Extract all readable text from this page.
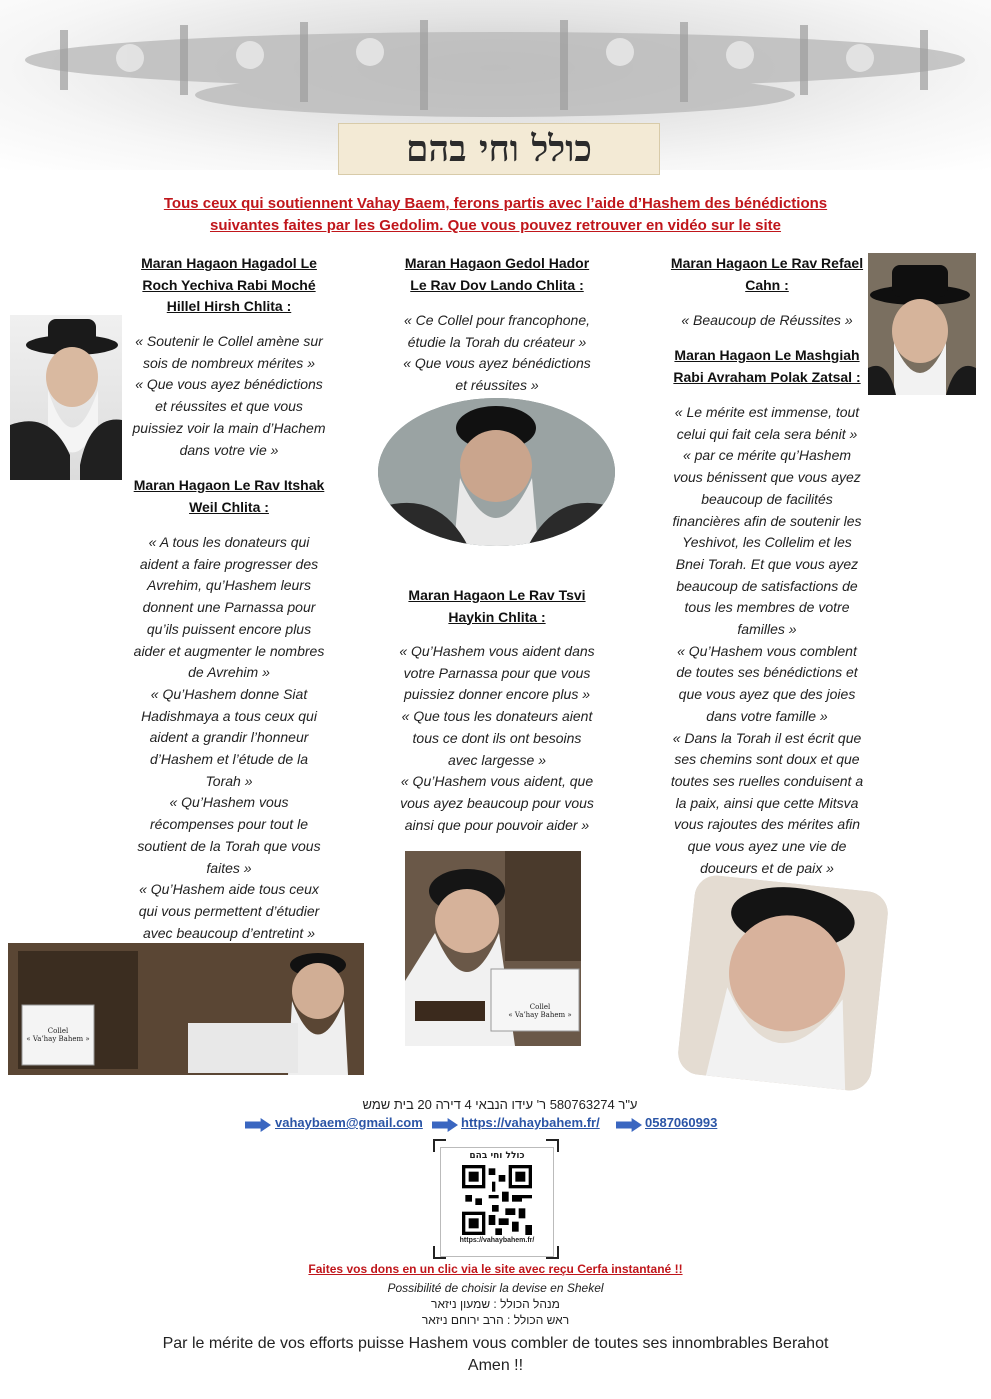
כולל וחי בהם
Tous ceux qui soutiennent Vahay Baem, ferons partis avec l’aide d’Hashem des bénédictions
suivantes faites par les Gedolim. Que vous pouvez retrouver en vidéo sur le site
Maran Hagaon Hagadol Le
Roch Yechiva Rabi Moché
Hillel Hirsh Chlita :

« Soutenir le Collel amène sur

sois de nombreux mérites »

« Que vous ayez bénédictions

et réussites et que vous

puissiez voir la main d’Hachem

dans votre vie »

Maran Hagaon Le Rav Itshak
Weil Chlita :

« A tous les donateurs qui

aident a faire progresser des

Avrehim, qu’Hashem leurs

donnent une Parnassa pour

qu’ils puissent encore plus

aider et augmenter le nombres

de Avrehim »

« Qu’Hashem donne Siat

Hadishmaya a tous ceux qui

aident a grandir l’honneur

d’Hashem et l’étude de la

Torah »

« Qu’Hashem vous

récompenses pour tout le

soutient de la Torah que vous

faites »

« Qu’Hashem aide tous ceux

qui vous permettent d’étudier

avec beaucoup d’entretint »

Maran Hagaon Gedol Hador
Le Rav Dov Lando Chlita :

« Ce Collel pour francophone,

étudie la Torah du créateur »

« Que vous ayez bénédictions

et réussites »

Maran Hagaon Le Rav Tsvi
Haykin Chlita :

« Qu’Hashem vous aident dans

votre Parnassa pour que vous

puissiez donner encore plus »

« Que tous les donateurs aient

tous ce dont ils ont besoins

avec largesse »

« Qu’Hashem vous aident, que

vous ayez beaucoup pour vous

ainsi que pour pouvoir aider »

Maran Hagaon Le Rav Refael
Cahn :

« Beaucoup de Réussites »

Maran Hagaon Le Mashgiah
Rabi Avraham Polak Zatsal :

« Le mérite est immense, tout

celui qui fait cela sera bénit »

« par ce mérite qu’Hashem

vous bénissent que vous ayez

beaucoup de facilités

financières afin de soutenir les

Yeshivot, les Collelim et les

Bnei Torah. Et que vous ayez

beaucoup de satisfactions de

tous les membres de votre

familles »

« Qu’Hashem vous comblent

de toutes ses bénédictions et

que vous ayez que des joies

dans votre famille »

« Dans la Torah il est écrit que

ses chemins sont doux et que

toutes ses ruelles conduisent a

la paix, ainsi que cette Mitsva

vous rajoutes des mérites afin

que vous ayez une vie de

douceurs et de paix »

Collel
« Va’hay Bahem »
Collel
« Va’hay Bahem »
ע"ר 580763274 ר' עידו הנבאי 4 דירה 20 בית שמש
vahaybaem@gmail.com	https://vahaybahem.fr/	0587060993
כולל וחי בהם
https://vahaybahem.fr/
Faites vos dons en un clic via le site avec reçu Cerfa instantané !!
Possibilité de choisir la devise en Shekel
מנהל הכולל : שמעון ניזאר
ראש הכולל : הרב ירוחם ניזאר
Par le mérite de vos efforts puisse Hashem vous combler de toutes ses innombrables Berahot
Amen !!
